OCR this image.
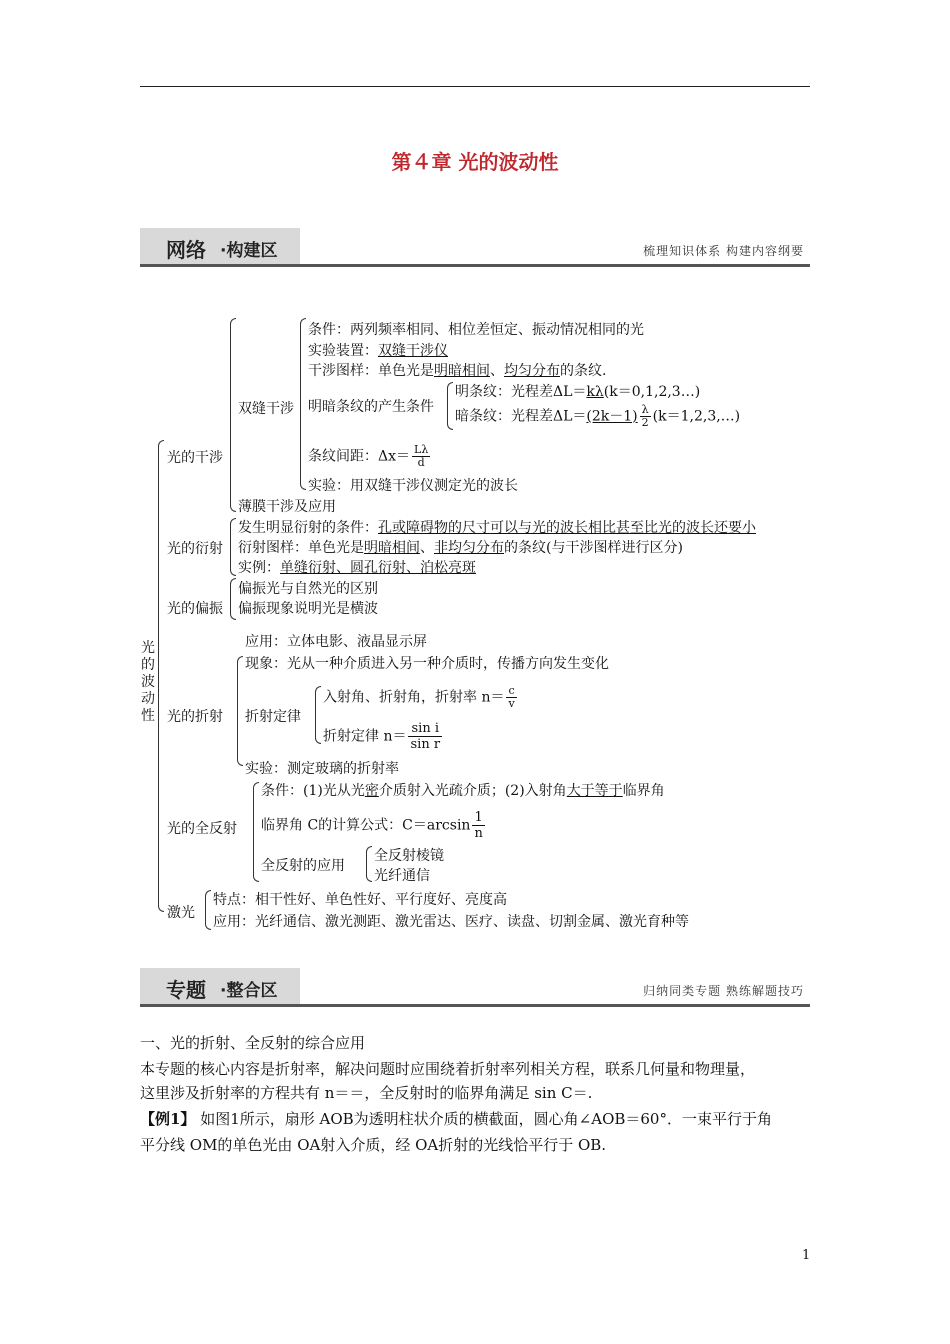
第４章 光的波动性
网络 ·构建区	梳理知识体系 构建内容纲要
光的波动性
光的干涉
双缝干涉
条件：两列频率相同、相位差恒定、振动情况相同的光
实验装置：双缝干涉仪
干涉图样：单色光是明暗相间、均匀分布的条纹.
明暗条纹的产生条件
明条纹：光程差ΔL＝kλ(k＝0,1,2,3…)
暗条纹：光程差$\Delta L=(2k-1) \frac{\lambda}{2}$ (k＝1,2,3,…)
条纹间距：$\Delta x= \frac{L\lambda}{d}$
实验：用双缝干涉仪测定光的波长
薄膜干涉及应用
光的衍射
发生明显衍射的条件：孔或障碍物的尺寸可以与光的波长相比甚至比光的波长还要小
衍射图样：单色光是明暗相间、非均匀分布的条纹(与干涉图样进行区分)
实例：单缝衍射、圆孔衍射、泊松亮斑
光的偏振
偏振光与自然光的区别
偏振现象说明光是横波
应用：立体电影、液晶显示屏
光的折射
现象：光从一种介质进入另一种介质时，传播方向发生变化
折射定律
入射角、折射角，折射率 $n= \frac{c}{v}$
折射定律 $n= \frac{\text{sin i}}{\text{sin r}}$
实验：测定玻璃的折射率
光的全反射
条件：(1)光从光密介质射入光疏介质；(2)入射角大于等于临界角
临界角 C的计算公式：$C=\arcsin \frac{1}{n}$
全反射的应用
全反射棱镜
光纤通信
激光
特点：相干性好、单色性好、平行度好、亮度高
应用：光纤通信、激光测距、激光雷达、医疗、读盘、切割金属、激光育种等
专题 ·整合区	归纳同类专题 熟练解题技巧
一、光的折射、全反射的综合应用
本专题的核心内容是折射率，解决问题时应围绕着折射率列相关方程，联系几何量和物理量，
这里涉及折射率的方程共有 n＝＝，全反射时的临界角满足 sin C＝.
【例1】 如图1所示，扇形 AOB为透明柱状介质的横截面，圆心角∠AOB＝60°．一束平行于角
平分线 OM的单色光由 OA射入介质，经 OA折射的光线恰平行于 OB.
1
